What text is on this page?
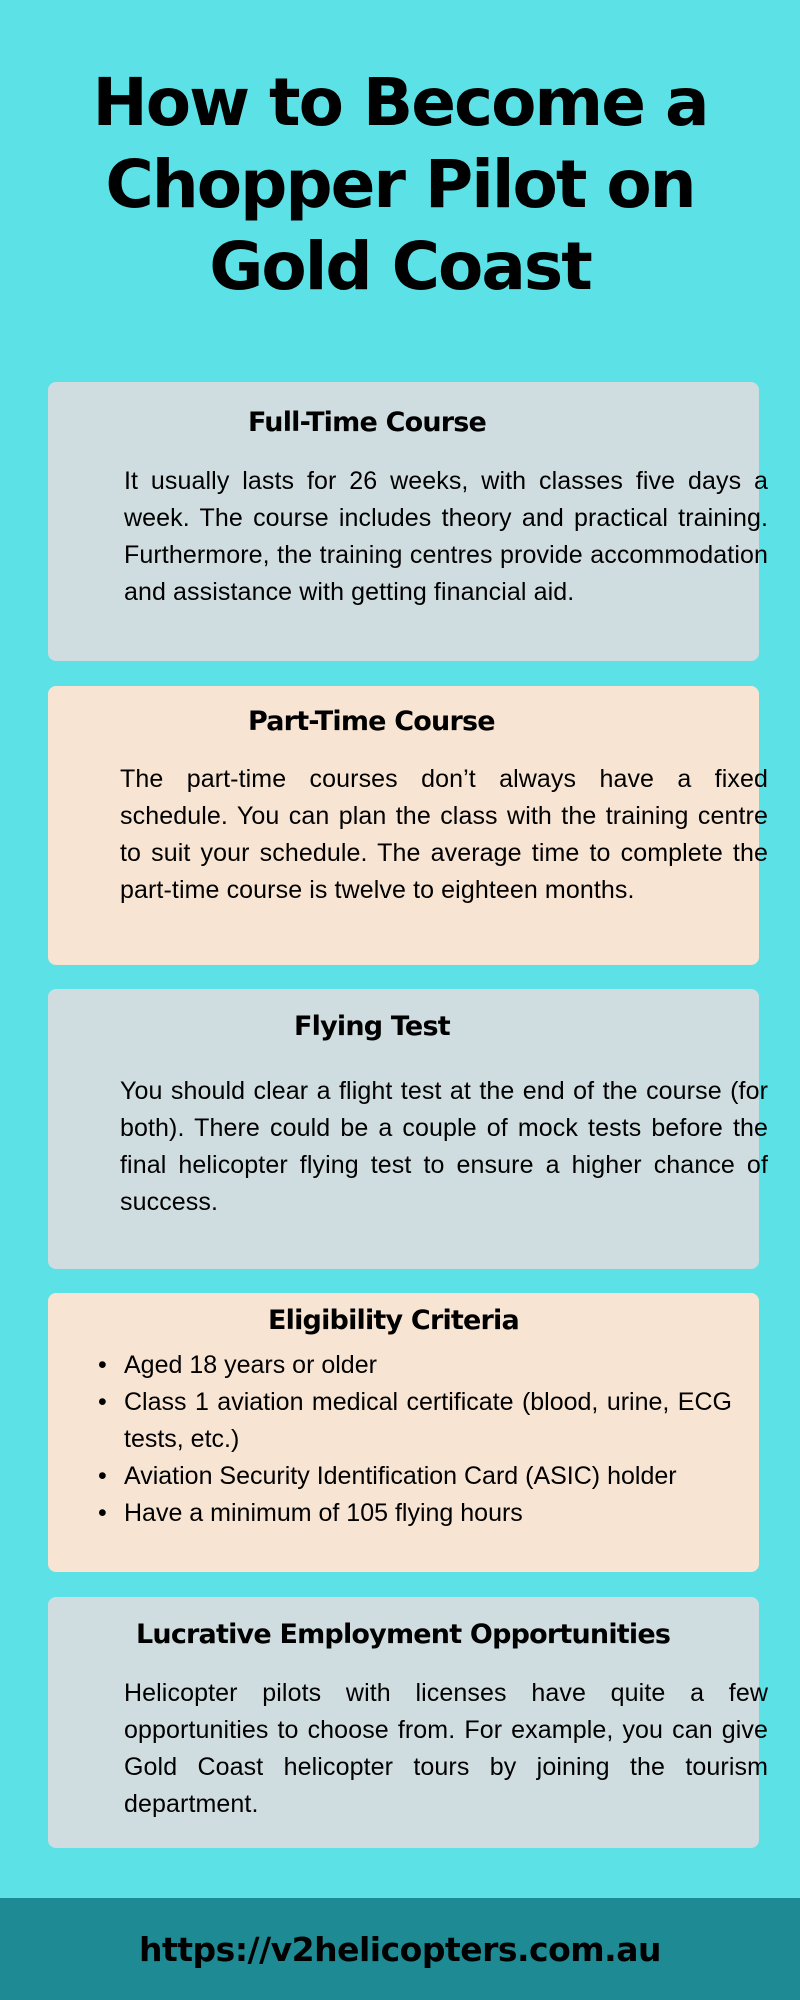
How to Become a
Chopper Pilot on
Gold Coast
Full-Time Course

It usually lasts for 26 weeks, with classes five days a week. The course includes theory and practical training. Furthermore, the training centres provide accommodation and assistance with getting financial aid.

Part-Time Course

The part-time courses don’t always have a fixed schedule. You can plan the class with the training centre to suit your schedule. The average time to complete the part-time course is twelve to eighteen months.

Flying Test

You should clear a flight test at the end of the course (for both). There could be a couple of mock tests before the final helicopter flying test to ensure a higher chance of success.

Eligibility Criteria
• Aged 18 years or older
• Class 1 aviation medical certificate (blood, urine, ECG tests, etc.)
• Aviation Security Identification Card (ASIC) holder
• Have a minimum of 105 flying hours
Lucrative Employment Opportunities

Helicopter pilots with licenses have quite a few opportunities to choose from. For example, you can give Gold Coast helicopter tours by joining the tourism department.

https://v2helicopters.com.au
